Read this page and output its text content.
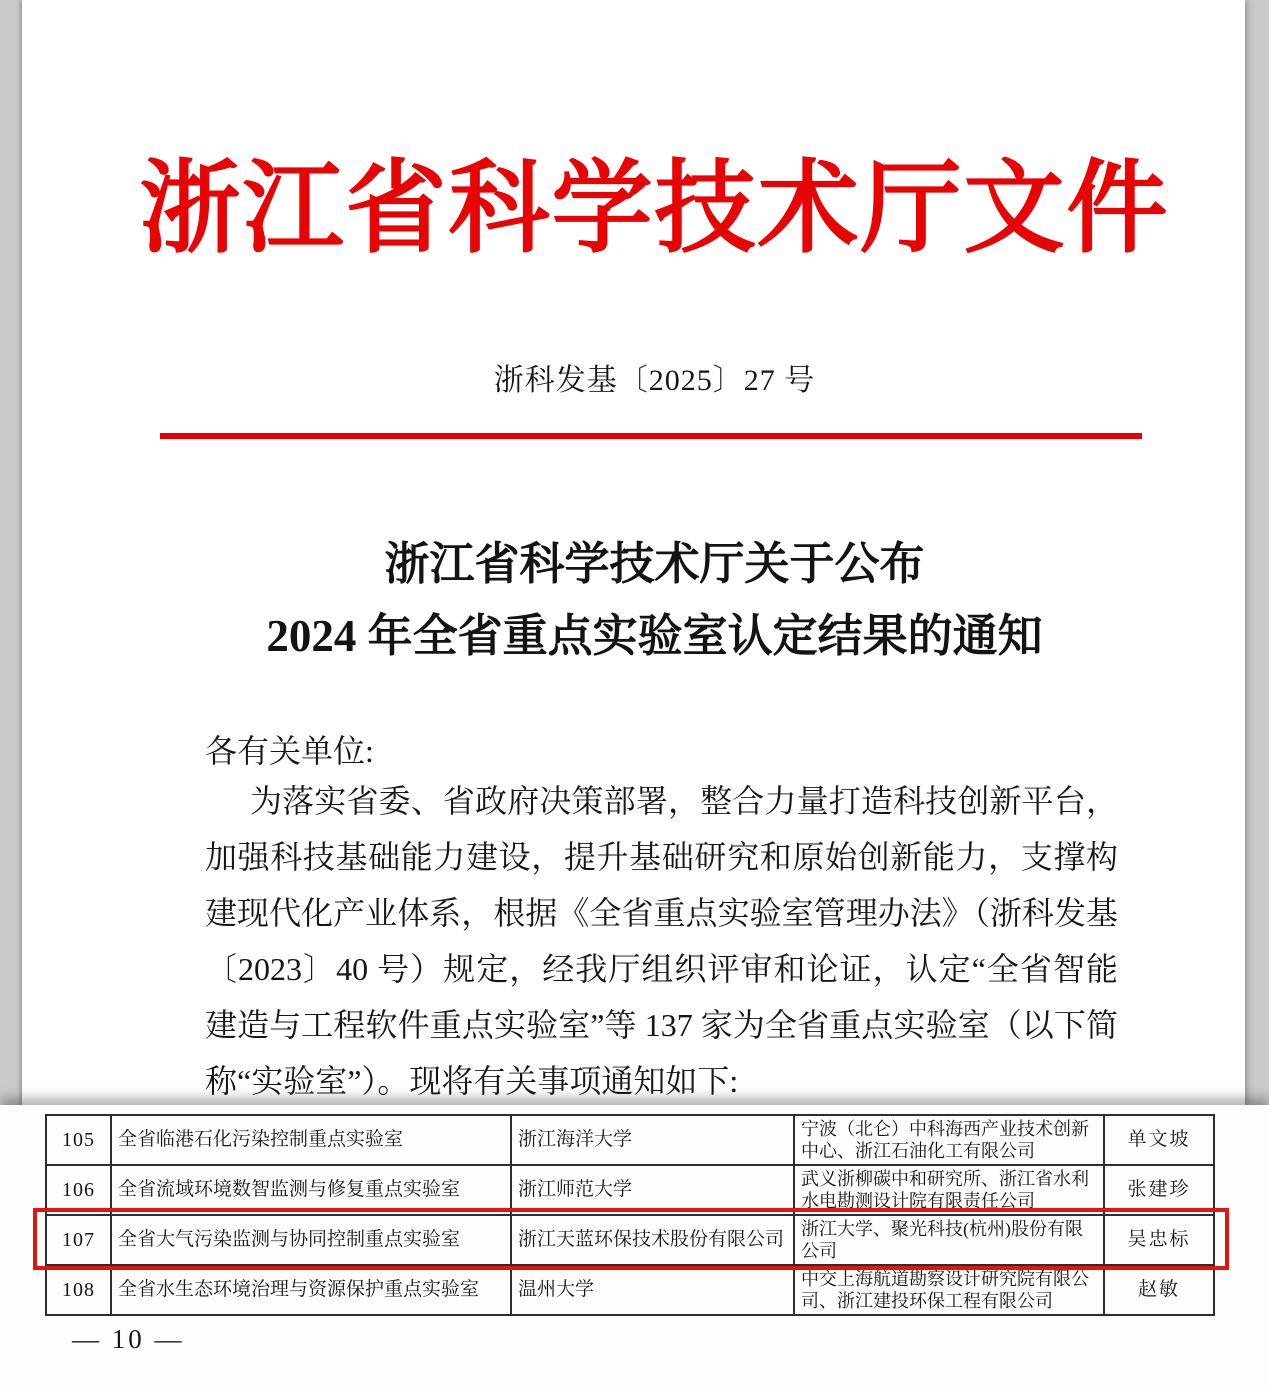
浙江省科学技术厅文件
浙科发基〔2025〕27 号
浙江省科学技术厅关于公布
2024 年全省重点实验室认定结果的通知
各有关单位:
为落实省委、省政府决策部署，整合力量打造科技创新平台，加强科技基础能力建设，提升基础研究和原始创新能力，支撑构建现代化产业体系，根据《全省重点实验室管理办法》（浙科发基〔2023〕40 号）规定，经我厅组织评审和论证，认定“全省智能建造与工程软件重点实验室”等 137 家为全省重点实验室（以下简称“实验室”）。现将有关事项通知如下:
105	全省临港石化污染控制重点实验室	浙江海洋大学	宁波（北仑）中科海西产业技术创新中心、浙江石油化工有限公司	单文坡
106	全省流域环境数智监测与修复重点实验室	浙江师范大学	武义浙柳碳中和研究所、浙江省水利水电勘测设计院有限责任公司	张建珍
107	全省大气污染监测与协同控制重点实验室	浙江天蓝环保技术股份有限公司	浙江大学、聚光科技(杭州)股份有限公司	吴忠标
108	全省水生态环境治理与资源保护重点实验室	温州大学	中交上海航道勘察设计研究院有限公司、浙江建投环保工程有限公司	赵敏
— 10 —
